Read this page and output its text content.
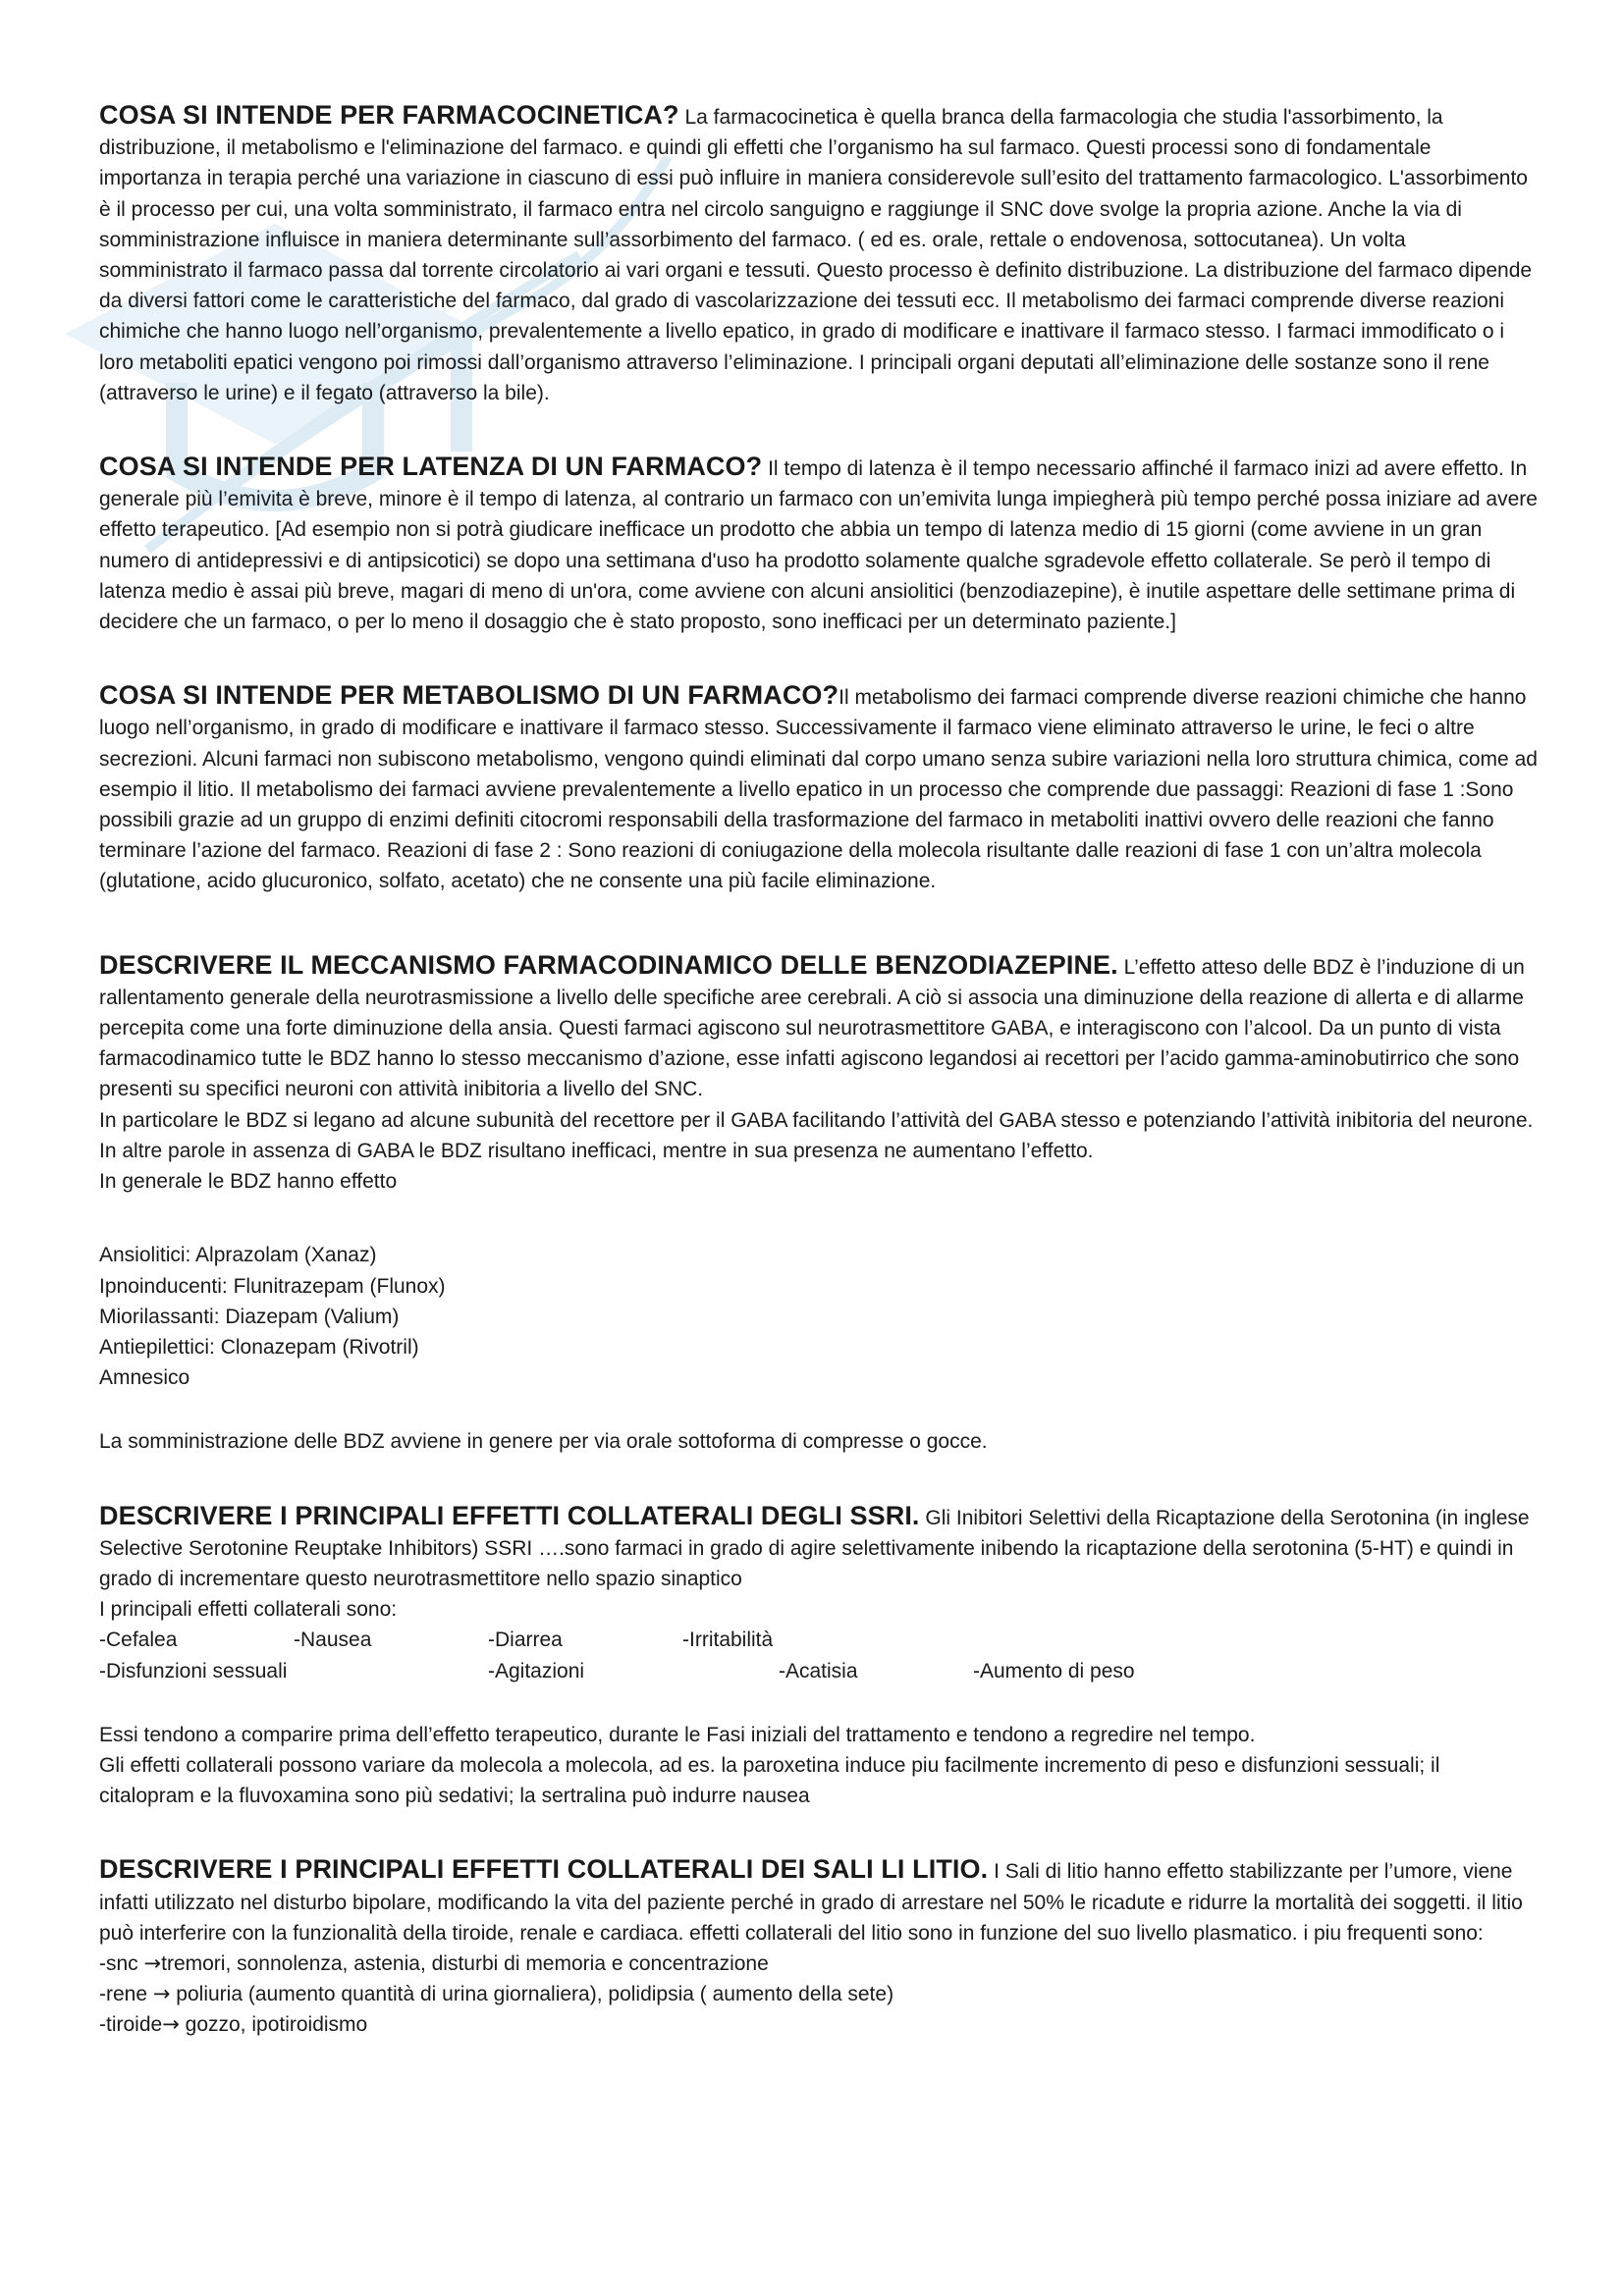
COSA SI INTENDE PER FARMACOCINETICA? La farmacocinetica è quella branca della farmacologia che studia l'assorbimento, la distribuzione, il metabolismo e l'eliminazione del farmaco. e quindi gli effetti che l’organismo ha sul farmaco. Questi processi sono di fondamentale importanza in terapia perché una variazione in ciascuno di essi può influire in maniera considerevole sull’esito del trattamento farmacologico. L'assorbimento è il processo per cui, una volta somministrato, il farmaco entra nel circolo sanguigno e raggiunge il SNC dove svolge la propria azione. Anche la via di somministrazione influisce in maniera determinante sull’assorbimento del farmaco. ( ed es. orale, rettale o endovenosa, sottocutanea). Un volta somministrato il farmaco passa dal torrente circolatorio ai vari organi e tessuti. Questo processo è definito distribuzione. La distribuzione del farmaco dipende da diversi fattori come le caratteristiche del farmaco, dal grado di vascolarizzazione dei tessuti ecc. Il metabolismo dei farmaci comprende diverse reazioni chimiche che hanno luogo nell’organismo, prevalentemente a livello epatico, in grado di modificare e inattivare il farmaco stesso. I farmaci immodificato o i loro metaboliti epatici vengono poi rimossi dall’organismo attraverso l’eliminazione. I principali organi deputati all’eliminazione delle sostanze sono il rene (attraverso le urine) e il fegato (attraverso la bile).

COSA SI INTENDE PER LATENZA DI UN FARMACO? Il tempo di latenza è il tempo necessario affinché il farmaco inizi ad avere effetto. In generale più l’emivita è breve, minore è il tempo di latenza, al contrario un farmaco con un’emivita lunga impiegherà più tempo perché possa iniziare ad avere effetto terapeutico. [Ad esempio non si potrà giudicare inefficace un prodotto che abbia un tempo di latenza medio di 15 giorni (come avviene in un gran numero di antidepressivi e di antipsicotici) se dopo una settimana d'uso ha prodotto solamente qualche sgradevole effetto collaterale. Se però il tempo di latenza medio è assai più breve, magari di meno di un'ora, come avviene con alcuni ansiolitici (benzodiazepine), è inutile aspettare delle settimane prima di decidere che un farmaco, o per lo meno il dosaggio che è stato proposto, sono inefficaci per un determinato paziente.]

COSA SI INTENDE PER METABOLISMO DI UN FARMACO?Il metabolismo dei farmaci comprende diverse reazioni chimiche che hanno luogo nell’organismo, in grado di modificare e inattivare il farmaco stesso. Successivamente il farmaco viene eliminato attraverso le urine, le feci o altre secrezioni. Alcuni farmaci non subiscono metabolismo, vengono quindi eliminati dal corpo umano senza subire variazioni nella loro struttura chimica, come ad esempio il litio. Il metabolismo dei farmaci avviene prevalentemente a livello epatico in un processo che comprende due passaggi: Reazioni di fase 1 :Sono possibili grazie ad un gruppo di enzimi definiti citocromi responsabili della trasformazione del farmaco in metaboliti inattivi ovvero delle reazioni che fanno terminare l’azione del farmaco. Reazioni di fase 2 : Sono reazioni di coniugazione della molecola risultante dalle reazioni di fase 1 con un’altra molecola (glutatione, acido glucuronico, solfato, acetato) che ne consente una più facile eliminazione.

DESCRIVERE IL MECCANISMO FARMACODINAMICO DELLE BENZODIAZEPINE. L’effetto atteso delle BDZ è l’induzione di un rallentamento generale della neurotrasmissione a livello delle specifiche aree cerebrali. A ciò si associa una diminuzione della reazione di allerta e di allarme percepita come una forte diminuzione della ansia. Questi farmaci agiscono sul neurotrasmettitore GABA, e interagiscono con l’alcool. Da un punto di vista farmacodinamico tutte le BDZ hanno lo stesso meccanismo d’azione, esse infatti agiscono legandosi ai recettori per l’acido gamma-aminobutirrico che sono presenti su specifici neuroni con attività inibitoria a livello del SNC.

In particolare le BDZ si legano ad alcune subunità del recettore per il GABA facilitando l’attività del GABA stesso e potenziando l’attività inibitoria del neurone. In altre parole in assenza di GABA le BDZ risultano inefficaci, mentre in sua presenza ne aumentano l’effetto.

In generale le BDZ hanno effetto

Ansiolitici: Alprazolam (Xanaz)
Ipnoinducenti: Flunitrazepam (Flunox)
Miorilassanti: Diazepam (Valium)
Antiepilettici: Clonazepam (Rivotril)
Amnesico

La somministrazione delle BDZ avviene in genere per via orale sottoforma di compresse o gocce.

DESCRIVERE I PRINCIPALI EFFETTI COLLATERALI DEGLI SSRI. Gli Inibitori Selettivi della Ricaptazione della Serotonina (in inglese Selective Serotonine Reuptake Inhibitors) SSRI ….sono farmaci in grado di agire selettivamente inibendo la ricaptazione della serotonina (5-HT) e quindi in grado di incrementare questo neurotrasmettitore nello spazio sinaptico

I principali effetti collaterali sono:

-Cefalea	-Nausea	-Diarrea	-Irritabilità
-Disfunzioni sessuali	-Agitazioni	-Acatisia	-Aumento di peso

Essi tendono a comparire prima dell’effetto terapeutico, durante le Fasi iniziali del trattamento e tendono a regredire nel tempo.

Gli effetti collaterali possono variare da molecola a molecola, ad es. la paroxetina induce piu facilmente incremento di peso e disfunzioni sessuali; il citalopram e la fluvoxamina sono più sedativi; la sertralina può indurre nausea

DESCRIVERE I PRINCIPALI EFFETTI COLLATERALI DEI SALI LI LITIO. I Sali di litio hanno effetto stabilizzante per l’umore, viene infatti utilizzato nel disturbo bipolare, modificando la vita del paziente perché in grado di arrestare nel 50% le ricadute e ridurre la mortalità dei soggetti. il litio può interferire con la funzionalità della tiroide, renale e cardiaca. effetti collaterali del litio sono in funzione del suo livello plasmatico. i piu frequenti sono:

-snc →tremori, sonnolenza, astenia, disturbi di memoria e concentrazione
-rene → poliuria (aumento quantità di urina giornaliera), polidipsia ( aumento della sete)
-tiroide→ gozzo, ipotiroidismo
